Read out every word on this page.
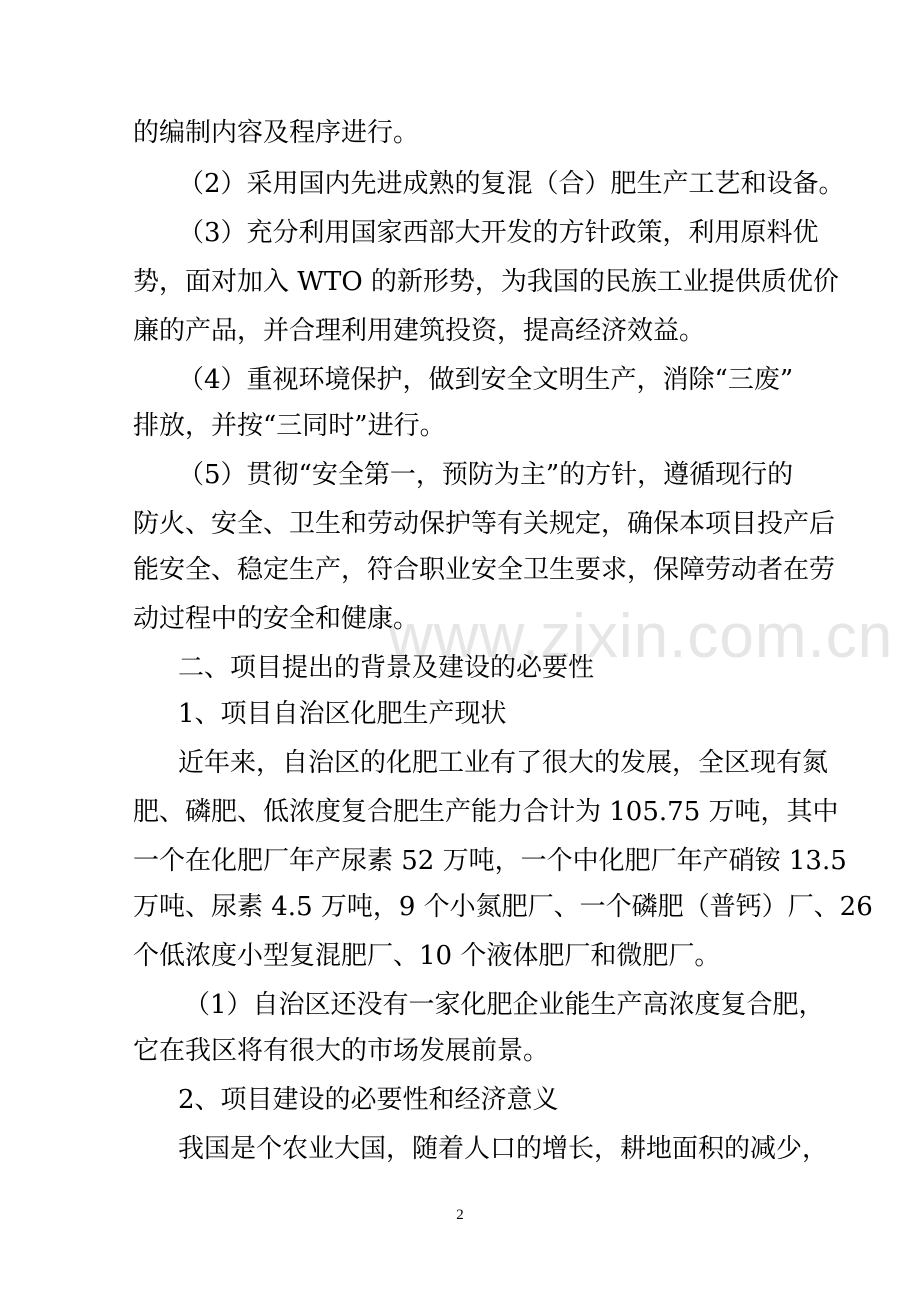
www.zixin.com.cn
的编制内容及程序进行。
（2）采用国内先进成熟的复混（合）肥生产工艺和设备。
（3）充分利用国家西部大开发的方针政策，利用原料优
势，面对加入 WTO 的新形势，为我国的民族工业提供质优价
廉的产品，并合理利用建筑投资，提高经济效益。
（4）重视环境保护，做到安全文明生产，消除“三废”
排放，并按“三同时”进行。
（5）贯彻“安全第一，预防为主”的方针，遵循现行的
防火、安全、卫生和劳动保护等有关规定，确保本项目投产后
能安全、稳定生产，符合职业安全卫生要求，保障劳动者在劳
动过程中的安全和健康。
二、项目提出的背景及建设的必要性
1、项目自治区化肥生产现状
近年来，自治区的化肥工业有了很大的发展，全区现有氮
肥、磷肥、低浓度复合肥生产能力合计为 105.75 万吨，其中
一个在化肥厂年产尿素 52 万吨，一个中化肥厂年产硝铵 13.5
万吨、尿素 4.5 万吨，9 个小氮肥厂、一个磷肥（普钙）厂、26
个低浓度小型复混肥厂、10 个液体肥厂和微肥厂。
（1）自治区还没有一家化肥企业能生产高浓度复合肥，
它在我区将有很大的市场发展前景。
2、项目建设的必要性和经济意义
我国是个农业大国，随着人口的增长，耕地面积的减少，
2
